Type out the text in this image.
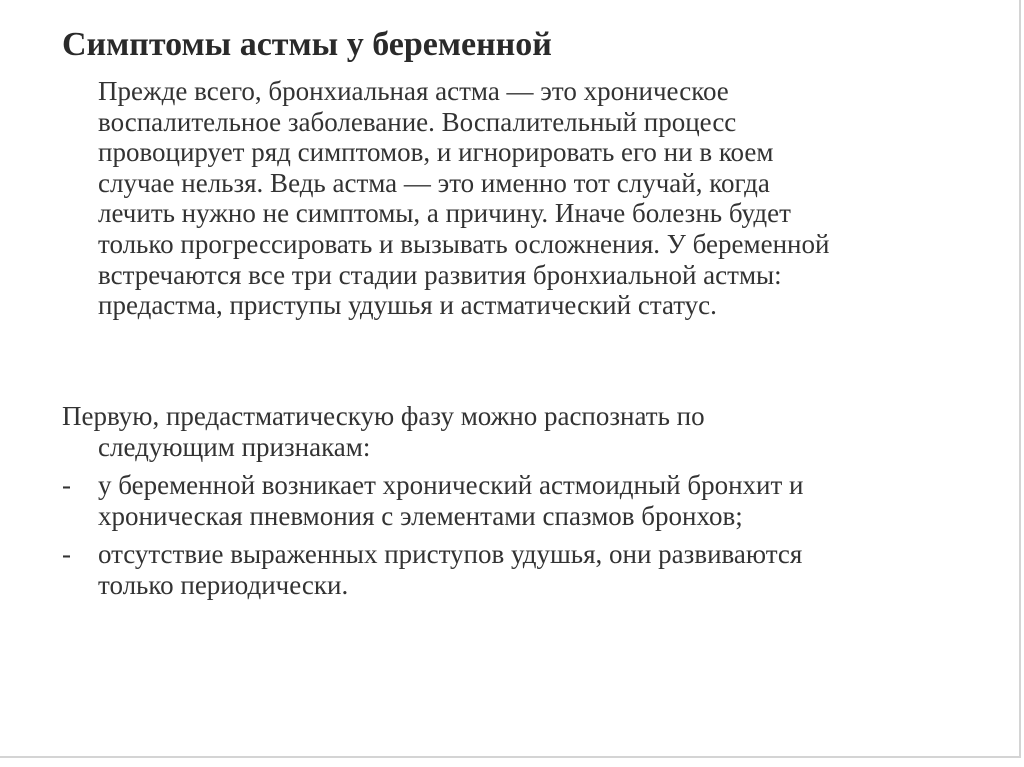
Симптомы астмы у беременной

Прежде всего, бронхиальная астма — это хроническое
воспалительное заболевание. Воспалительный процесс
провоцирует ряд симптомов, и игнорировать его ни в коем
случае нельзя. Ведь астма — это именно тот случай, когда
лечить нужно не симптомы, а причину. Иначе болезнь будет
только прогрессировать и вызывать осложнения. У беременной
встречаются все три стадии развития бронхиальной астмы:
предастма, приступы удушья и астматический статус.

Первую, предастматическую фазу можно распознать по
следующим признакам:

- у беременной возникает хронический астмоидный бронхит и
хроническая пневмония с элементами спазмов бронхов;
- отсутствие выраженных приступов удушья, они развиваются
только периодически.
